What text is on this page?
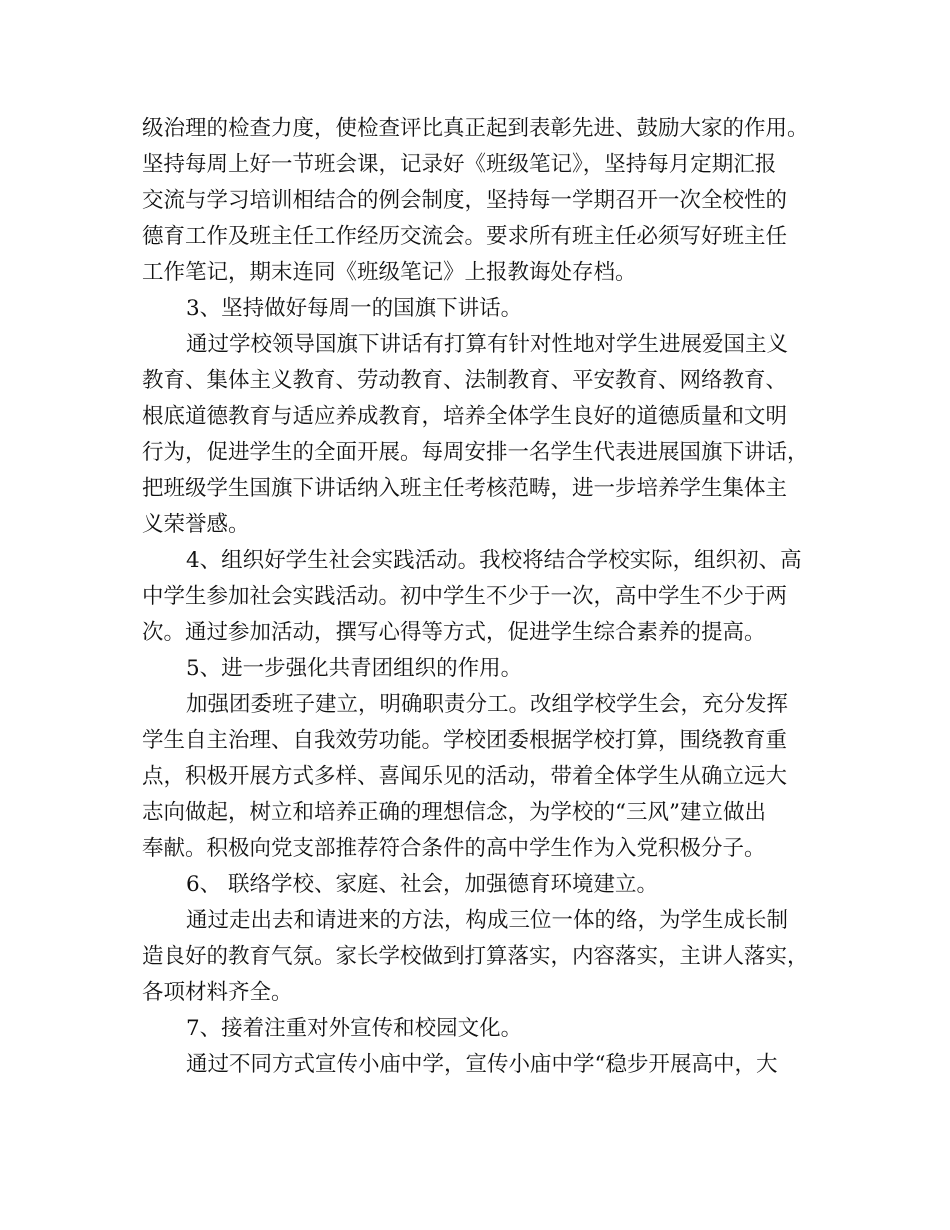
级治理的检查力度，使检查评比真正起到表彰先进、鼓励大家的作用。
坚持每周上好一节班会课，记录好《班级笔记》，坚持每月定期汇报
交流与学习培训相结合的例会制度，坚持每一学期召开一次全校性的
德育工作及班主任工作经历交流会。要求所有班主任必须写好班主任
工作笔记，期末连同《班级笔记》上报教诲处存档。
3、坚持做好每周一的国旗下讲话。
通过学校领导国旗下讲话有打算有针对性地对学生进展爱国主义
教育、集体主义教育、劳动教育、法制教育、平安教育、网络教育、
根底道德教育与适应养成教育，培养全体学生良好的道德质量和文明
行为，促进学生的全面开展。每周安排一名学生代表进展国旗下讲话，
把班级学生国旗下讲话纳入班主任考核范畴，进一步培养学生集体主
义荣誉感。
4、组织好学生社会实践活动。我校将结合学校实际，组织初、高
中学生参加社会实践活动。初中学生不少于一次，高中学生不少于两
次。通过参加活动，撰写心得等方式，促进学生综合素养的提高。
5、进一步强化共青团组织的作用。
加强团委班子建立，明确职责分工。改组学校学生会，充分发挥
学生自主治理、自我效劳功能。学校团委根据学校打算，围绕教育重
点，积极开展方式多样、喜闻乐见的活动，带着全体学生从确立远大
志向做起，树立和培养正确的理想信念，为学校的“三风”建立做出
奉献。积极向党支部推荐符合条件的高中学生作为入党积极分子。
6、 联络学校、家庭、社会，加强德育环境建立。
通过走出去和请进来的方法，构成三位一体的络，为学生成长制
造良好的教育气氛。家长学校做到打算落实，内容落实，主讲人落实，
各项材料齐全。
7、接着注重对外宣传和校园文化。
通过不同方式宣传小庙中学，宣传小庙中学“稳步开展高中，大
